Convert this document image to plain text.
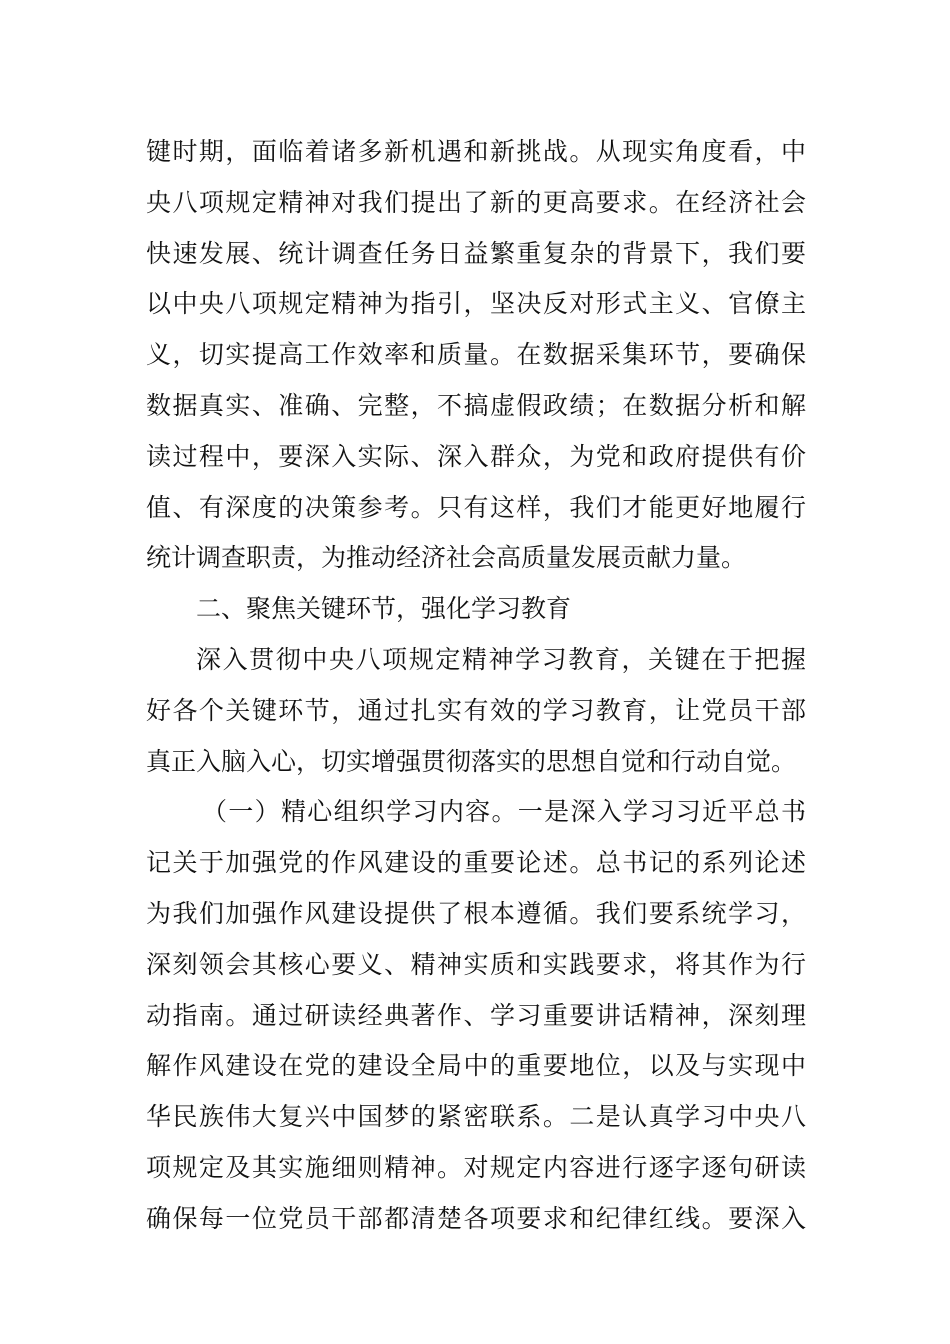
键时期，面临着诸多新机遇和新挑战。从现实角度看，中
央八项规定精神对我们提出了新的更高要求。在经济社会
快速发展、统计调查任务日益繁重复杂的背景下，我们要
以中央八项规定精神为指引，坚决反对形式主义、官僚主
义，切实提高工作效率和质量。在数据采集环节，要确保
数据真实、准确、完整，不搞虚假政绩；在数据分析和解
读过程中，要深入实际、深入群众，为党和政府提供有价
值、有深度的决策参考。只有这样，我们才能更好地履行
统计调查职责，为推动经济社会高质量发展贡献力量。
二、聚焦关键环节，强化学习教育
深入贯彻中央八项规定精神学习教育，关键在于把握
好各个关键环节，通过扎实有效的学习教育，让党员干部
真正入脑入心，切实增强贯彻落实的思想自觉和行动自觉。
（一）精心组织学习内容。一是深入学习习近平总书
记关于加强党的作风建设的重要论述。总书记的系列论述
为我们加强作风建设提供了根本遵循。我们要系统学习，
深刻领会其核心要义、精神实质和实践要求，将其作为行
动指南。通过研读经典著作、学习重要讲话精神，深刻理
解作风建设在党的建设全局中的重要地位，以及与实现中
华民族伟大复兴中国梦的紧密联系。二是认真学习中央八
项规定及其实施细则精神。对规定内容进行逐字逐句研读
确保每一位党员干部都清楚各项要求和纪律红线。要深入
